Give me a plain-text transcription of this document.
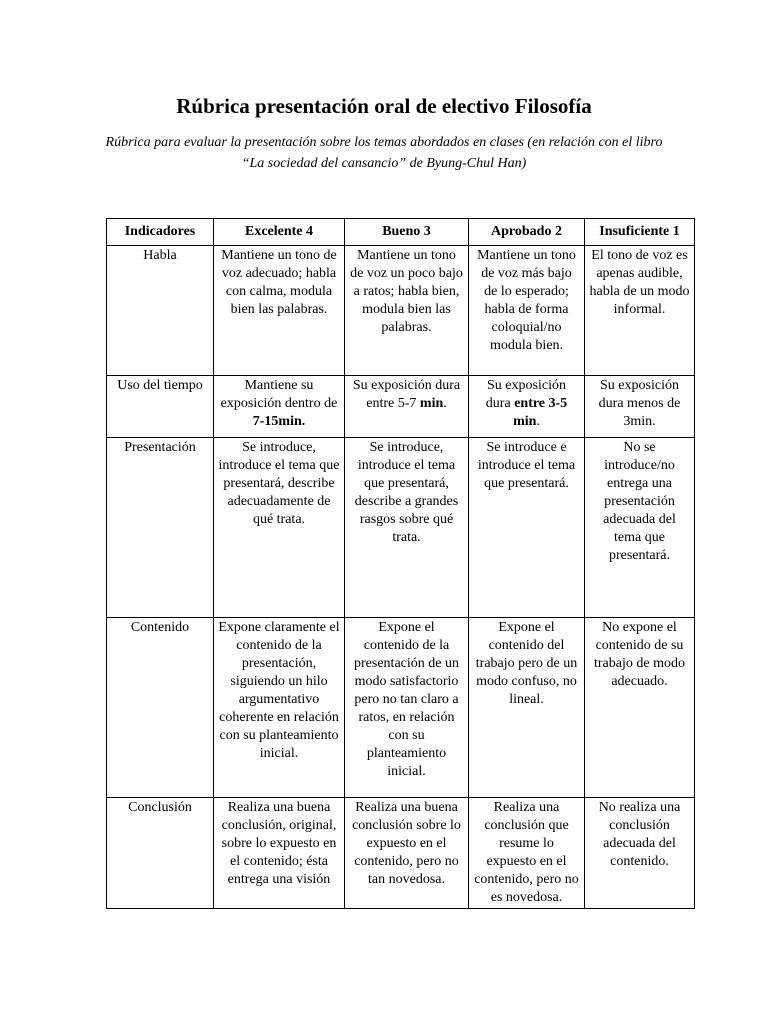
Rúbrica presentación oral de electivo Filosofía
Rúbrica para evaluar la presentación sobre los temas abordados en clases (en relación con el libro “La sociedad del cansancio” de Byung-Chul Han)
Indicadores	Excelente 4	Bueno 3	Aprobado 2	Insuficiente 1
Habla	Mantiene un tono de voz adecuado; habla con calma, modula bien las palabras.	Mantiene un tono de voz un poco bajo a ratos; habla bien, modula bien las palabras.	Mantiene un tono de voz más bajo de lo esperado; habla de forma coloquial/no modula bien.	El tono de voz es apenas audible, habla de un modo informal.
Uso del tiempo	Mantiene su exposición dentro de 7-15min.	Su exposición dura entre 5-7 min.	Su exposición dura entre 3-5 min.	Su exposición dura menos de 3min.
Presentación	Se introduce, introduce el tema que presentará, describe adecuadamente de qué trata.	Se introduce, introduce el tema que presentará, describe a grandes rasgos sobre qué trata.	Se introduce e introduce el tema que presentará.	No se introduce/no entrega una presentación adecuada del tema que presentará.
Contenido	Expone claramente el contenido de la presentación, siguiendo un hilo argumentativo coherente en relación con su planteamiento inicial.	Expone el contenido de la presentación de un modo satisfactorio pero no tan claro a ratos, en relación con su planteamiento inicial.	Expone el contenido del trabajo pero de un modo confuso, no lineal.	No expone el contenido de su trabajo de modo adecuado.
Conclusión	Realiza una buena conclusión, original, sobre lo expuesto en el contenido; ésta entrega una visión	Realiza una buena conclusión sobre lo expuesto en el contenido, pero no tan novedosa.	Realiza una conclusión que resume lo expuesto en el contenido, pero no es novedosa.	No realiza una conclusión adecuada del contenido.
